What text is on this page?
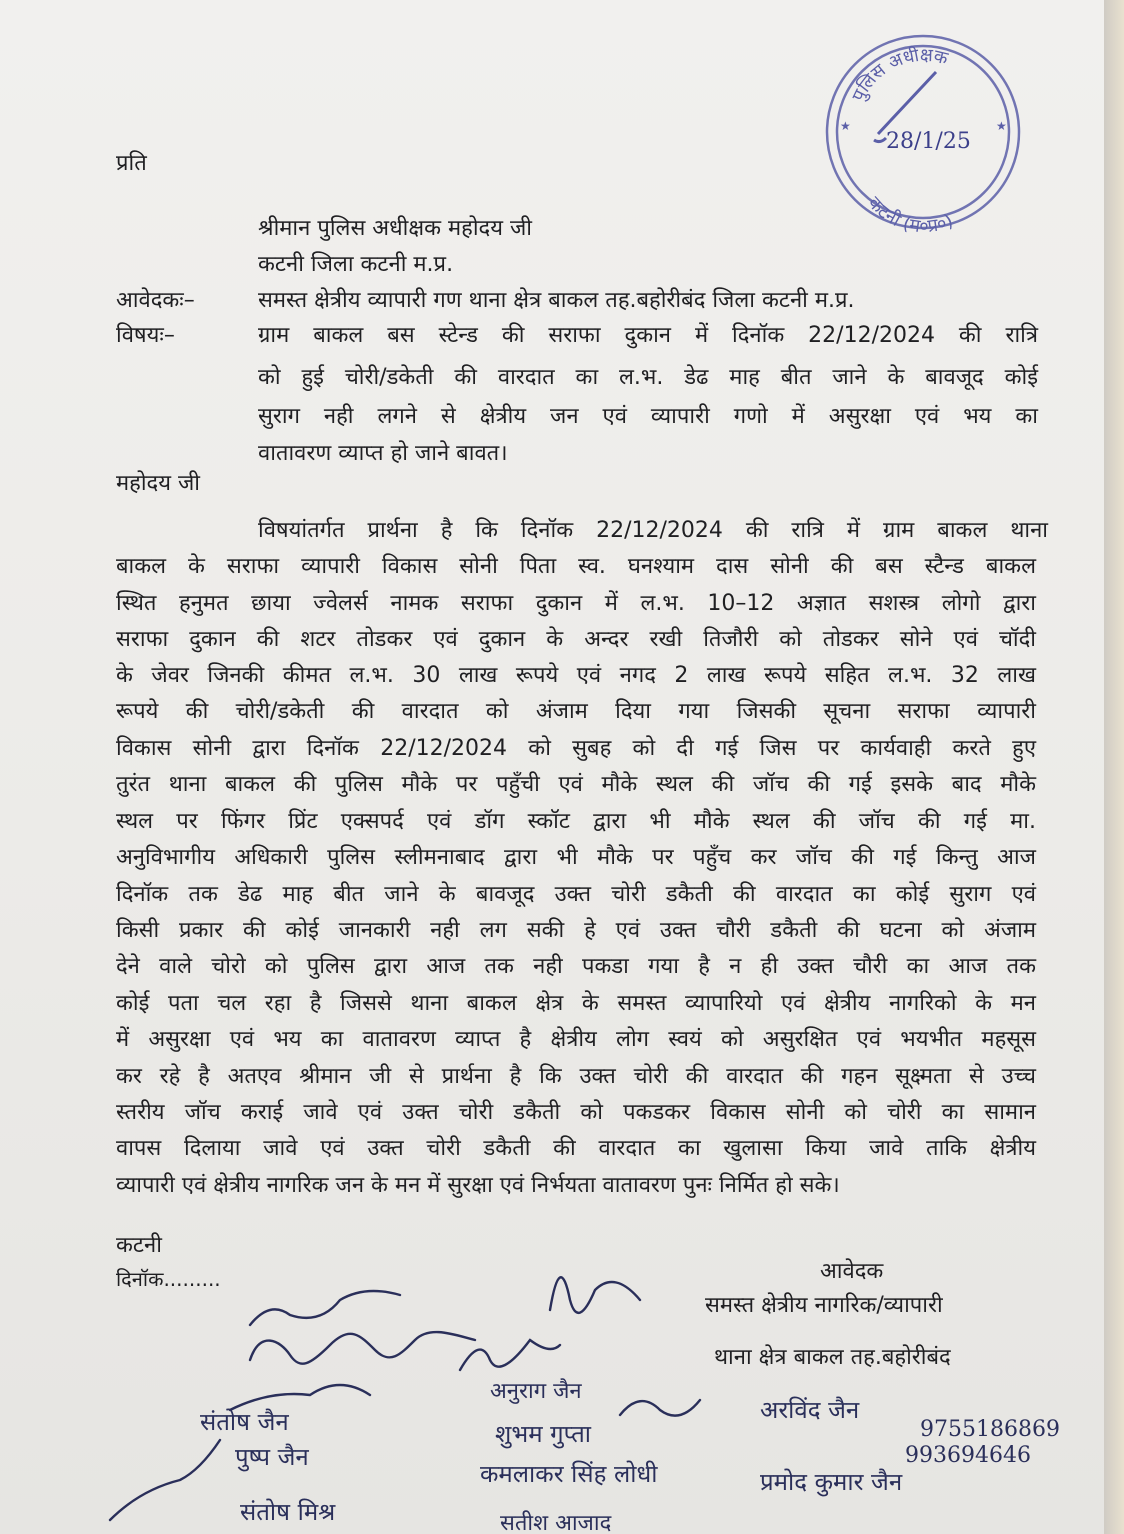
प्रति
श्रीमान पुलिस अधीक्षक महोदय जी
कटनी जिला कटनी म.प्र.
आवेदकः–	समस्त क्षेत्रीय व्यापारी गण थाना क्षेत्र बाकल तह.बहोरीबंद जिला कटनी म.प्र.
विषयः–	ग्राम बाकल बस स्टेन्ड की सराफा दुकान में दिनॉक 22/12/2024 की रात्रि
को हुई चोरी/डकेती की वारदात का ल.भ. डेढ माह बीत जाने के बावजूद कोई
सुराग नही लगने से क्षेत्रीय जन एवं व्यापारी गणो में असुरक्षा एवं भय का
वातावरण व्याप्त हो जाने बावत।
महोदय जी
विषयांतर्गत प्रार्थना है कि दिनॉक 22/12/2024 की रात्रि में ग्राम बाकल थाना
बाकल के सराफा व्यापारी विकास सोनी पिता स्व. घनश्याम दास सोनी की बस स्टैन्ड बाकल
स्थित हनुमत छाया ज्वेलर्स नामक सराफा दुकान में ल.भ. 10–12 अज्ञात सशस्त्र लोगो द्वारा
सराफा दुकान की शटर तोडकर एवं दुकान के अन्दर रखी तिजौरी को तोडकर सोने एवं चॉदी
के जेवर जिनकी कीमत ल.भ. 30 लाख रूपये एवं नगद 2 लाख रूपये सहित ल.भ. 32 लाख
रूपये की चोरी/डकेती की वारदात को अंजाम दिया गया जिसकी सूचना सराफा व्यापारी
विकास सोनी द्वारा दिनॉक 22/12/2024 को सुबह को दी गई जिस पर कार्यवाही करते हुए
तुरंत थाना बाकल की पुलिस मौके पर पहुँची एवं मौके स्थल की जॉच की गई इसके बाद मौके
स्थल पर फिंगर प्रिंट एक्सपर्द एवं डॉग स्कॉट द्वारा भी मौके स्थल की जॉच की गई मा.
अनुविभागीय अधिकारी पुलिस स्लीमनाबाद द्वारा भी मौके पर पहुँच कर जॉच की गई किन्तु आज
दिनॉक तक डेढ माह बीत जाने के बावजूद उक्त चोरी डकैती की वारदात का कोई सुराग एवं
किसी प्रकार की कोई जानकारी नही लग सकी हे एवं उक्त चौरी डकैती की घटना को अंजाम
देने वाले चोरो को पुलिस द्वारा आज तक नही पकडा गया है न ही उक्त चौरी का आज तक
कोई पता चल रहा है जिससे थाना बाकल क्षेत्र के समस्त व्यापारियो एवं क्षेत्रीय नागरिको के मन
में असुरक्षा एवं भय का वातावरण व्याप्त है क्षेत्रीय लोग स्वयं को असुरक्षित एवं भयभीत महसूस
कर रहे है अतएव श्रीमान जी से प्रार्थना है कि उक्त चोरी की वारदात की गहन सूक्ष्मता से उच्च
स्तरीय जॉच कराई जावे एवं उक्त चोरी डकैती को पकडकर विकास सोनी को चोरी का सामान
वापस दिलाया जावे एवं उक्त चोरी डकैती की वारदात का खुलासा किया जावे ताकि क्षेत्रीय
व्यापारी एवं क्षेत्रीय नागरिक जन के मन में सुरक्षा एवं निर्भयता वातावरण पुनः निर्मित हो सके।
कटनी
दिनॉक.........	आवेदक
समस्त क्षेत्रीय नागरिक/व्यापारी
थाना क्षेत्र बाकल तह.बहोरीबंद
पुलिस अधीक्षक
कटनी (म०प्र०)
★	★
28/1/25
संतोष जैन
पुष्प जैन
संतोष मिश्र
शुभम गुप्ता
कमलाकर सिंह लोधी
सतीश आजाद
अनुराग जैन
अरविंद जैन
प्रमोद कुमार जैन
9755186869
993694646
